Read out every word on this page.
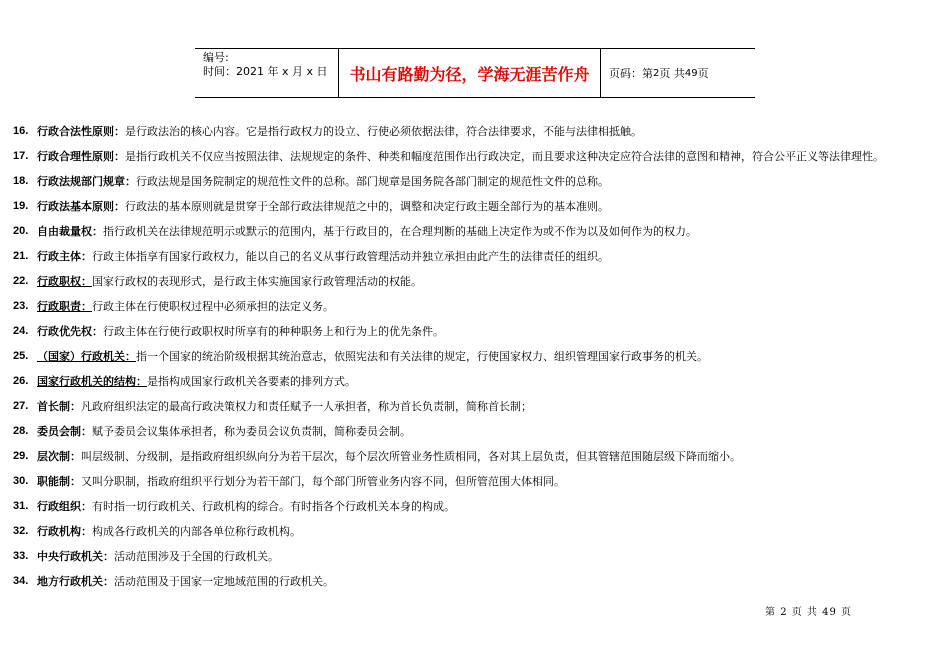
编号:
时间：2021 年 x 月 x 日	书山有路勤为径，学海无涯苦作舟	页码：第 2 页 共 49 页
16. 行政合法性原则： 是行政法治的核心内容。它是指行政权力的设立、行使必须依据法律，符合法律要求，不能与法律相抵触。
17. 行政合理性原则： 是指行政机关不仅应当按照法律、法规规定的条件、种类和幅度范围作出行政决定，而且要求这种决定应符合法律的意图和精神，符合公平正义等法律理性。
18. 行政法规部门规章： 行政法规是国务院制定的规范性文件的总称。部门规章是国务院各部门制定的规范性文件的总称。
19. 行政法基本原则： 行政法的基本原则就是贯穿于全部行政法律规范之中的，调整和决定行政主题全部行为的基本准则。
20. 自由裁量权： 指行政机关在法律规范明示或默示的范围内，基于行政目的，在合理判断的基础上决定作为或不作为以及如何作为的权力。
21. 行政主体： 行政主体指享有国家行政权力，能以自己的名义从事行政管理活动并独立承担由此产生的法律责任的组织。
22. 行政职权： 国家行政权的表现形式，是行政主体实施国家行政管理活动的权能。
23. 行政职责： 行政主体在行使职权过程中必须承担的法定义务。
24. 行政优先权： 行政主体在行使行政职权时所享有的种种职务上和行为上的优先条件。
25. （国家）行政机关： 指一个国家的统治阶级根据其统治意志，依照宪法和有关法律的规定，行使国家权力、组织管理国家行政事务的机关。
26. 国家行政机关的结构： 是指构成国家行政机关各要素的排列方式。
27. 首长制： 凡政府组织法定的最高行政决策权力和责任赋予一人承担者，称为首长负责制，简称首长制；
28. 委员会制： 赋予委员会议集体承担者，称为委员会议负责制，简称委员会制。
29. 层次制： 叫层级制、分级制，是指政府组织纵向分为若干层次，每个层次所管业务性质相同，各对其上层负责，但其管辖范围随层级下降而缩小。
30. 职能制： 又叫分职制，指政府组织平行划分为若干部门，每个部门所管业务内容不同，但所管范围大体相同。
31. 行政组织： 有时指一切行政机关、行政机构的综合。有时指各个行政机关本身的构成。
32. 行政机构： 构成各行政机关的内部各单位称行政机构。
33. 中央行政机关： 活动范围涉及于全国的行政机关。
34. 地方行政机关： 活动范围及于国家一定地域范围的行政机关。
第 2 页 共 49 页
